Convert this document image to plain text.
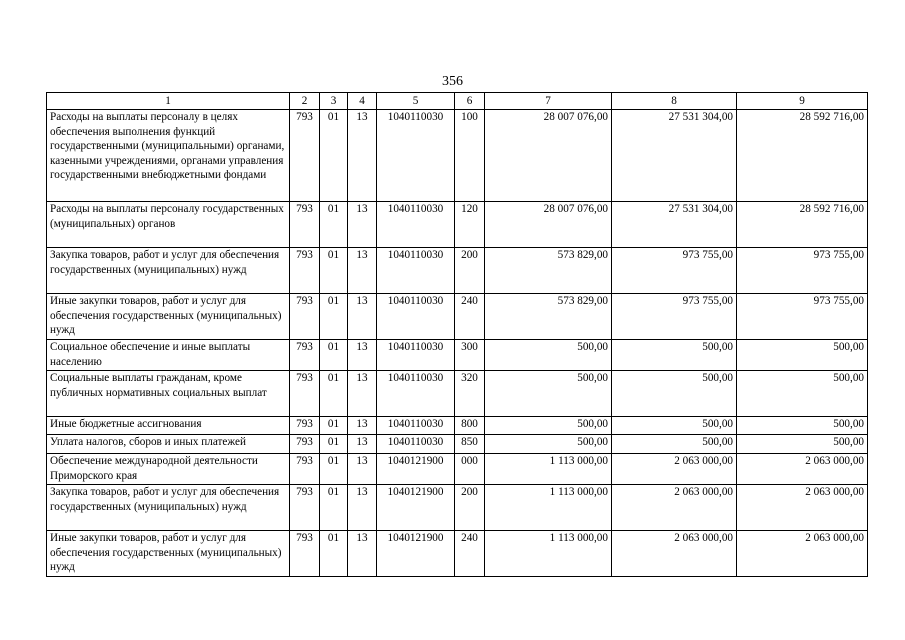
356
1	2	3	4	5	6	7	8	9
Расходы на выплаты персоналу в целях обеспечения выполнения функций государственными (муниципальными) органами, казенными учреждениями, органами управления государственными внебюджетными фондами	793	01	13	1040110030	100	28 007 076,00	27 531 304,00	28 592 716,00
Расходы на выплаты персоналу государственных (муниципальных) органов	793	01	13	1040110030	120	28 007 076,00	27 531 304,00	28 592 716,00
Закупка товаров, работ и услуг для обеспечения государственных (муниципальных) нужд	793	01	13	1040110030	200	573 829,00	973 755,00	973 755,00
Иные закупки товаров, работ и услуг для обеспечения государственных (муниципальных) нужд	793	01	13	1040110030	240	573 829,00	973 755,00	973 755,00
Социальное обеспечение и иные выплаты населению	793	01	13	1040110030	300	500,00	500,00	500,00
Социальные выплаты гражданам, кроме публичных нормативных социальных выплат	793	01	13	1040110030	320	500,00	500,00	500,00
Иные бюджетные ассигнования	793	01	13	1040110030	800	500,00	500,00	500,00
Уплата налогов, сборов и иных платежей	793	01	13	1040110030	850	500,00	500,00	500,00
Обеспечение международной деятельности Приморского края	793	01	13	1040121900	000	1 113 000,00	2 063 000,00	2 063 000,00
Закупка товаров, работ и услуг для обеспечения государственных (муниципальных) нужд	793	01	13	1040121900	200	1 113 000,00	2 063 000,00	2 063 000,00
Иные закупки товаров, работ и услуг для обеспечения государственных (муниципальных) нужд	793	01	13	1040121900	240	1 113 000,00	2 063 000,00	2 063 000,00
